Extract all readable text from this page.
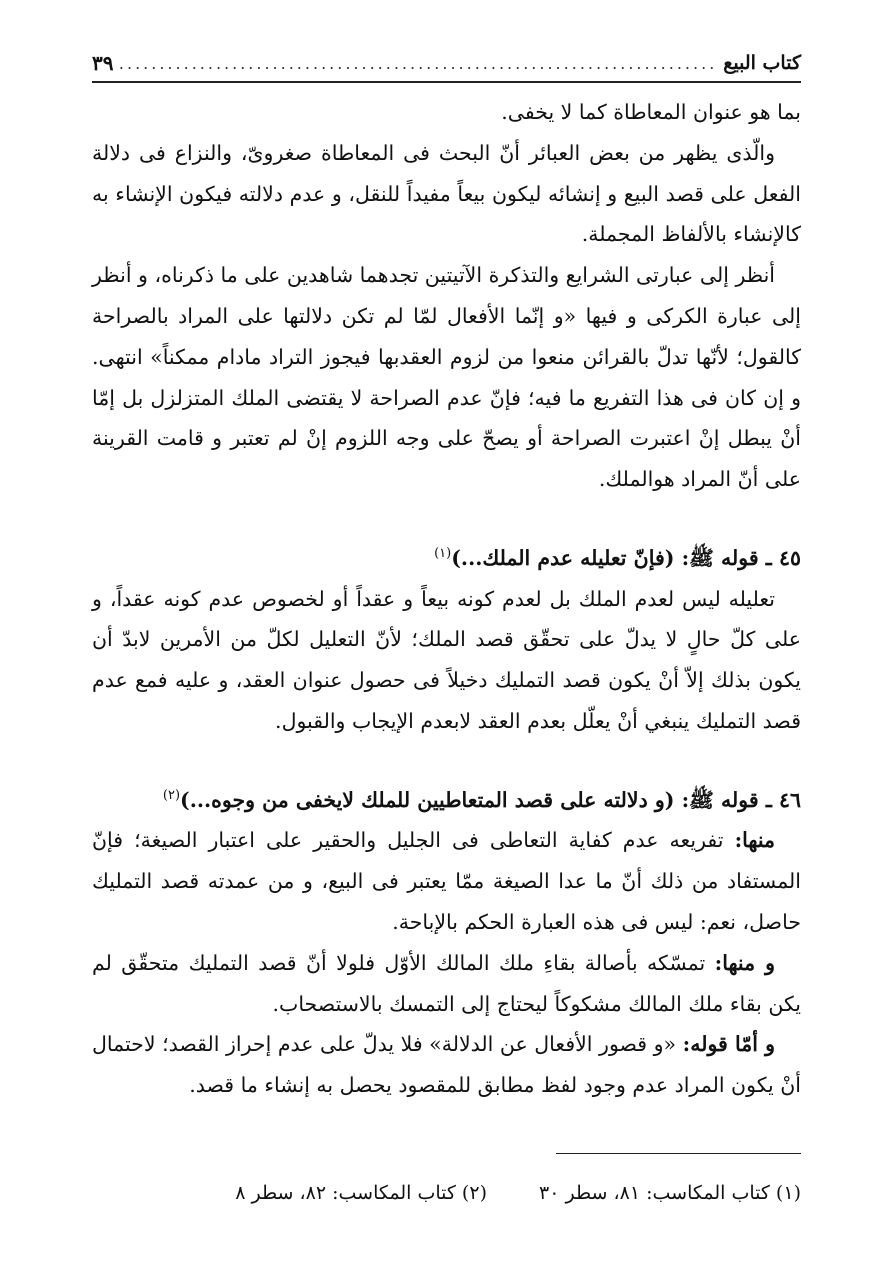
كتاب البيع
.....
٣٩

بما هو عنوان المعاطاة كما لا يخفى.

والّذى يظهر من بعض العبائر أنّ البحث فى المعاطاة صغروىّ، والنزاع فى دلالة الفعل على قصد البيع و إنشائه ليكون بيعاً مفيداً للنقل، و عدم دلالته فيكون الإنشاء به كالإنشاء بالألفاظ المجملة.

أنظر إلى عبارتى الشرايع والتذكرة الآتيتين تجدهما شاهدين على ما ذكرناه، و أنظر إلى عبارة الكركى و فيها «و إنّما الأفعال لمّا لم تكن دلالتها على المراد بالصراحة كالقول؛ لأنّها تدلّ بالقرائن منعوا من لزوم العقدبها فيجوز التراد مادام ممكناً» انتهى. و إن كان فى هذا التفريع ما فيه؛ فإنّ عدم الصراحة لا يقتضى الملك المتزلزل بل إمّا أنْ يبطل إنْ اعتبرت الصراحة أو يصحّ على وجه اللزوم إنْ لم تعتبر و قامت القرينة على أنّ المراد هوالملك.

٤٥ ـ قوله ﷺ: (فإنّ تعليله عدم الملك...)$^{(١)}$

تعليله ليس لعدم الملك بل لعدم كونه بيعاً و عقداً أو لخصوص عدم كونه عقداً، و على كلّ حالٍ لا يدلّ على تحقّق قصد الملك؛ لأنّ التعليل لكلّ من الأمرين لابدّ أن يكون بذلك إلاّ أنْ يكون قصد التمليك دخيلاً فى حصول عنوان العقد، و عليه فمع عدم قصد التمليك ينبغي أنْ يعلّل بعدم العقد لابعدم الإيجاب والقبول.

٤٦ ـ قوله ﷺ: (و دلالته على قصد المتعاطيين للملك لايخفى من وجوه...)$^{(٢)}$

منها: تفريعه عدم كفاية التعاطى فى الجليل والحقير على اعتبار الصيغة؛ فإنّ المستفاد من ذلك أنّ ما عدا الصيغة ممّا يعتبر فى البيع، و من عمدته قصد التمليك حاصل، نعم: ليس فى هذه العبارة الحكم بالإباحة.

و منها: تمسّكه بأصالة بقاءِ ملك المالك الأوّل فلولا أنّ قصد التمليك متحقّق لم يكن بقاء ملك المالك مشكوكاً ليحتاج إلى التمسك بالاستصحاب.

و أمّا قوله: «و قصور الأفعال عن الدلالة» فلا يدلّ على عدم إحراز القصد؛ لاحتمال أنْ يكون المراد عدم وجود لفظ مطابق للمقصود يحصل به إنشاء ما قصد.

(١) كتاب المكاسب: ٨١، سطر ٣٠
(٢) كتاب المكاسب: ٨٢، سطر ٨
